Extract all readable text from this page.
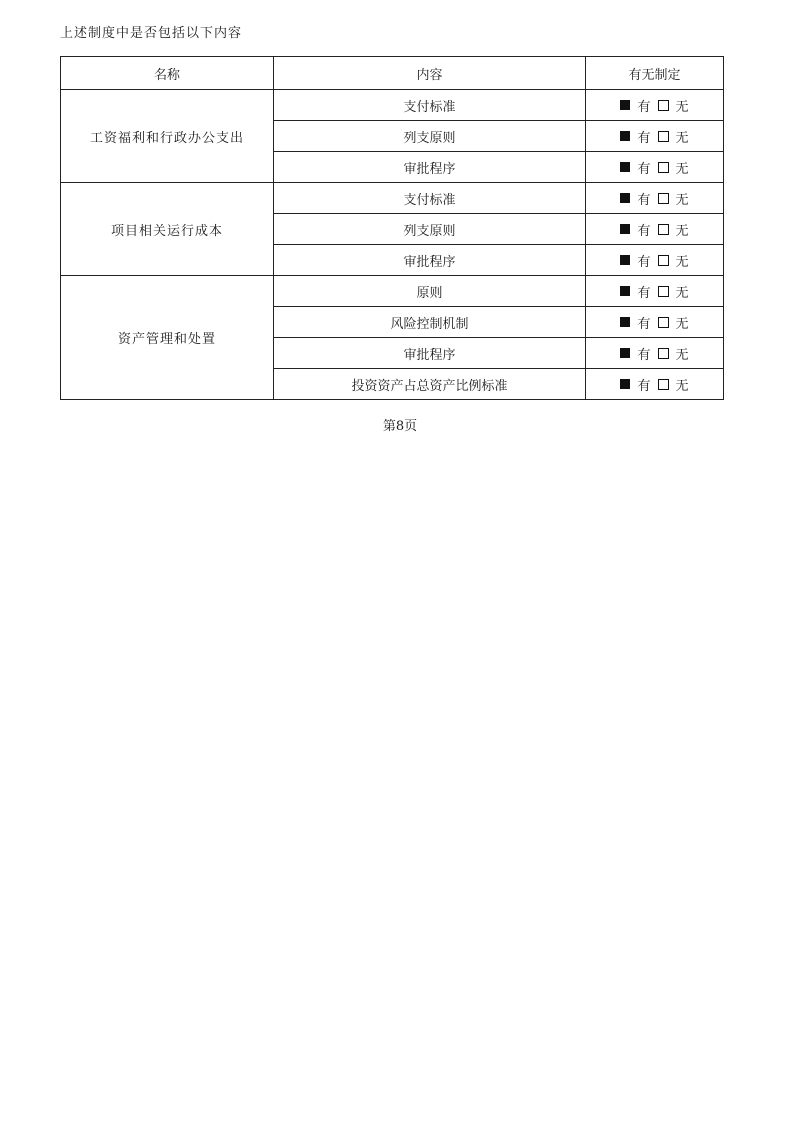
上述制度中是否包括以下内容
名称	内容	有无制定
工资福利和行政办公支出	支付标准	有 无

	列支原则	有 无

	审批程序	有 无

项目相关运行成本	支付标准	有 无

	列支原则	有 无

	审批程序	有 无

资产管理和处置	原则	有 无

	风险控制机制	有 无

	审批程序	有 无

	投资资产占总资产比例标准	有 无
第8页
